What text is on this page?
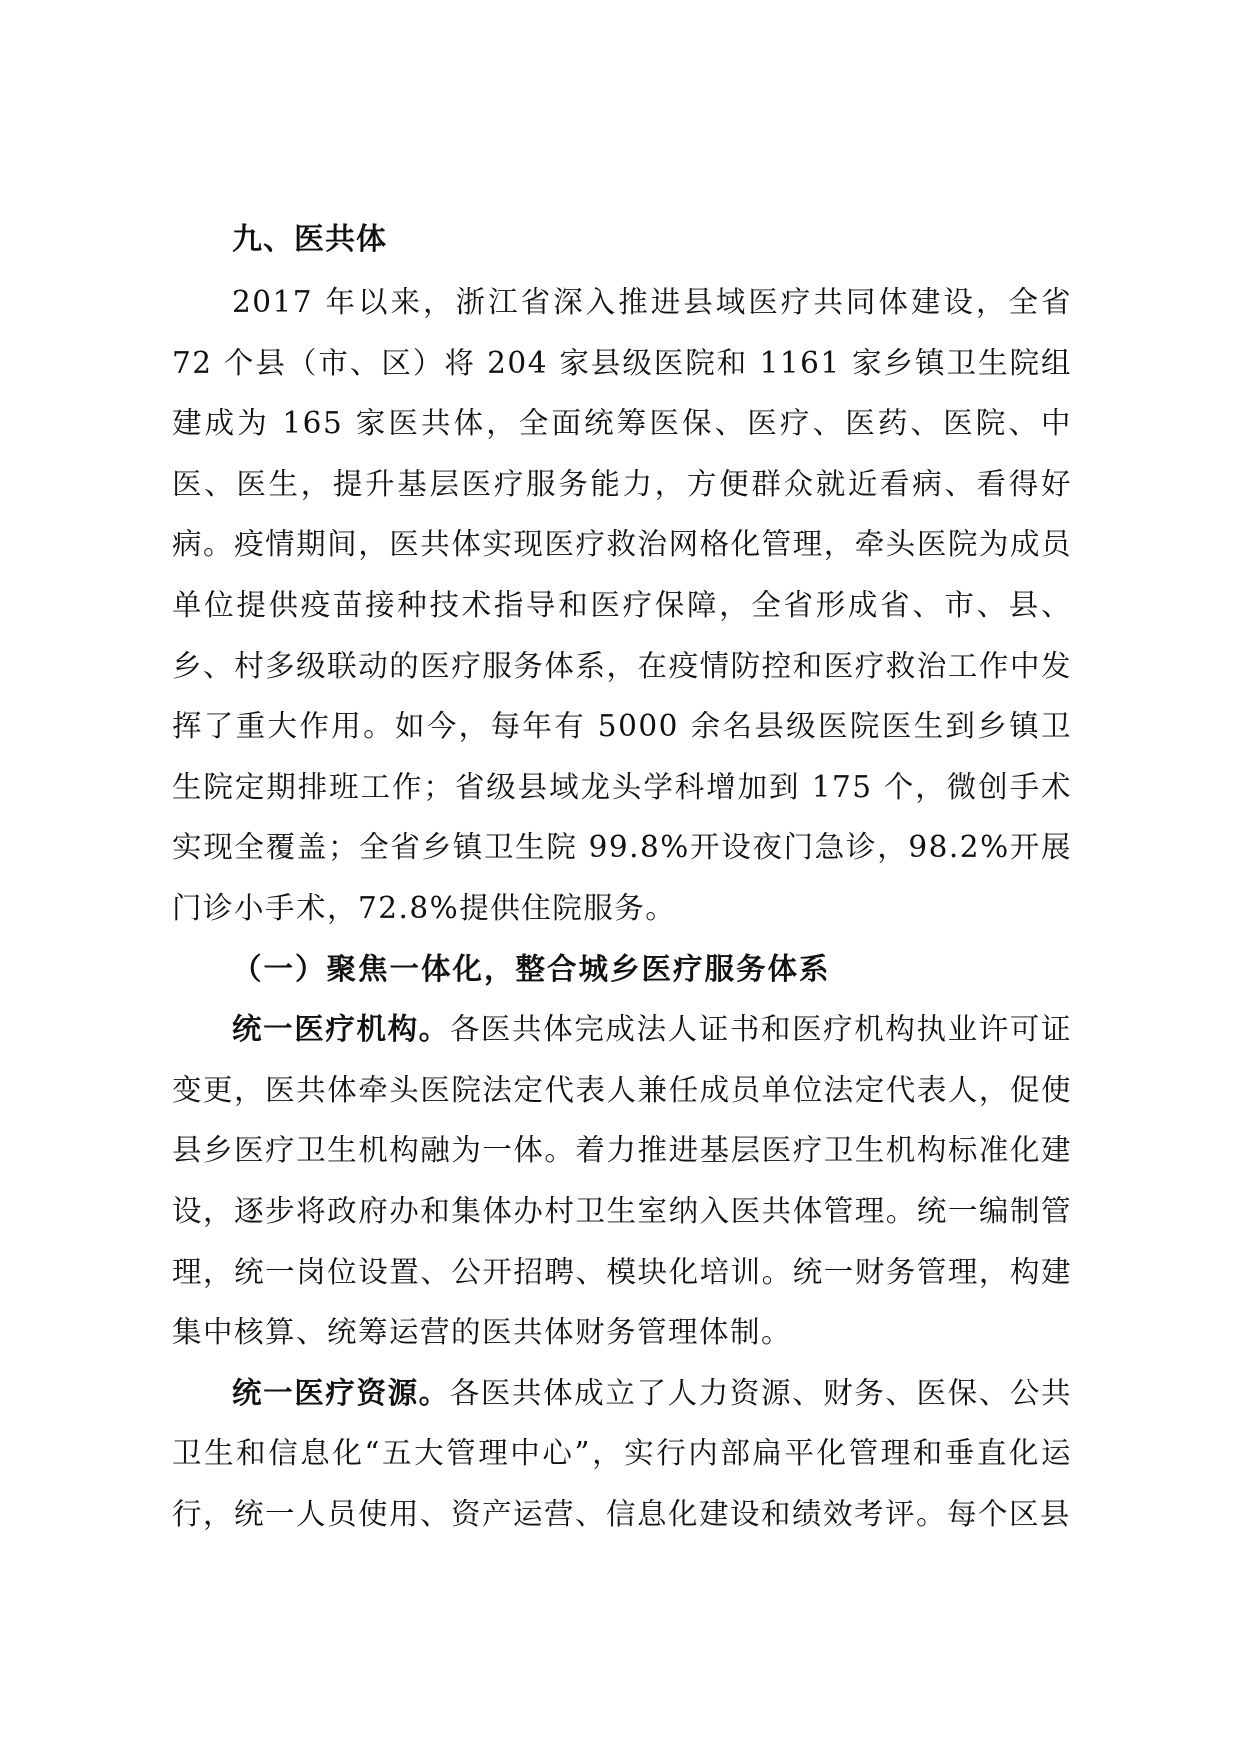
九、医共体

2017 年以来，浙江省深入推进县域医疗共同体建设，全省 72 个县（市、区）将 204 家县级医院和 1161 家乡镇卫生院组建成为 165 家医共体，全面统筹医保、医疗、医药、医院、中医、医生，提升基层医疗服务能力，方便群众就近看病、看得好病。疫情期间，医共体实现医疗救治网格化管理，牵头医院为成员单位提供疫苗接种技术指导和医疗保障，全省形成省、市、县、乡、村多级联动的医疗服务体系，在疫情防控和医疗救治工作中发挥了重大作用。如今，每年有 5000 余名县级医院医生到乡镇卫生院定期排班工作；省级县域龙头学科增加到 175 个，微创手术实现全覆盖；全省乡镇卫生院 99.8%开设夜门急诊，98.2%开展门诊小手术，72.8%提供住院服务。

（一）聚焦一体化，整合城乡医疗服务体系

统一医疗机构。各医共体完成法人证书和医疗机构执业许可证变更，医共体牵头医院法定代表人兼任成员单位法定代表人，促使县乡医疗卫生机构融为一体。着力推进基层医疗卫生机构标准化建设，逐步将政府办和集体办村卫生室纳入医共体管理。统一编制管理，统一岗位设置、公开招聘、模块化培训。统一财务管理，构建集中核算、统筹运营的医共体财务管理体制。

统一医疗资源。各医共体成立了人力资源、财务、医保、公共卫生和信息化“五大管理中心”，实行内部扁平化管理和垂直化运行，统一人员使用、资产运营、信息化建设和绩效考评。每个区县
